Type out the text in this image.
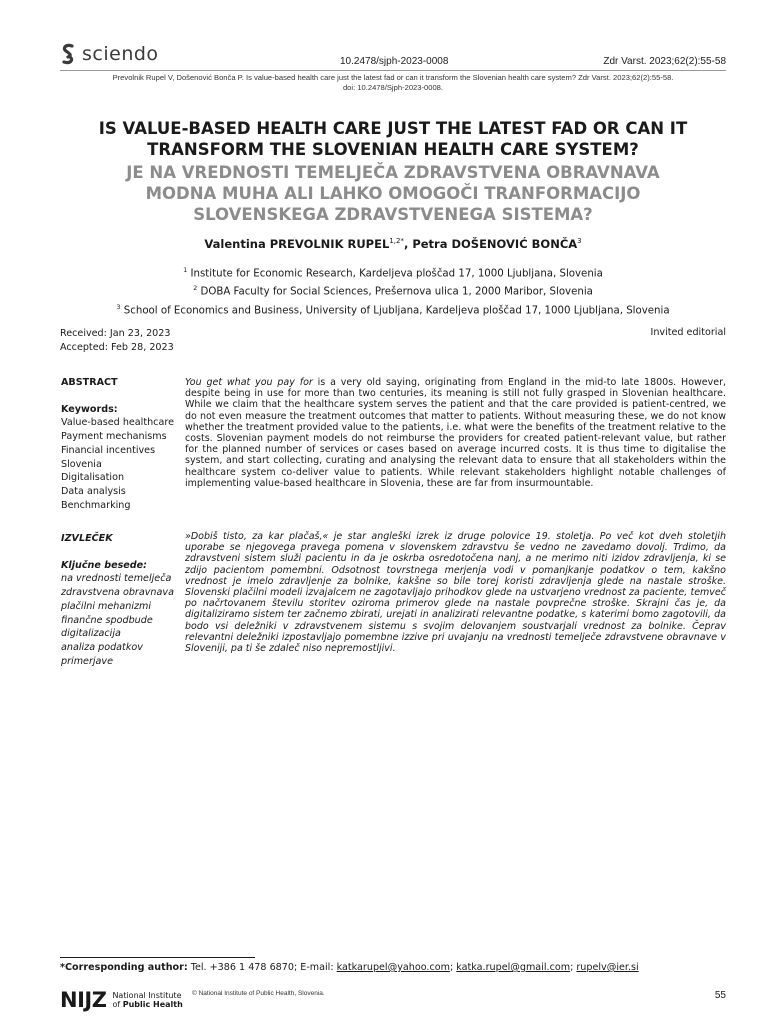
sciendo	10.2478/sjph-2023-0008	Zdr Varst. 2023;62(2):55-58
Prevolnik Rupel V, Došenović Bonča P. Is value-based health care just the latest fad or can it transform the Slovenian health care system? Zdr Varst. 2023;62(2):55-58.
doi: 10.2478/Sjph-2023-0008.
IS VALUE-BASED HEALTH CARE JUST THE LATEST FAD OR CAN IT
TRANSFORM THE SLOVENIAN HEALTH CARE SYSTEM?
JE NA VREDNOSTI TEMELJEČA ZDRAVSTVENA OBRAVNAVA
MODNA MUHA ALI LAHKO OMOGOČI TRANFORMACIJO
SLOVENSKEGA ZDRAVSTVENEGA SISTEMA?
Valentina PREVOLNIK $RUPEL^{1,2*}$, Petra DOŠENOVIĆ BONČA$^3$
$^1$ Institute for Economic Research, Kardeljeva ploščad 17, 1000 Ljubljana, Slovenia
$^2$ DOBA Faculty for Social Sciences, Prešernova ulica 1, 2000 Maribor, Slovenia
$^3$ School of Economics and Business, University of Ljubljana, Kardeljeva ploščad 17, 1000 Ljubljana, Slovenia
Received: Jan 23, 2023
Accepted: Feb 28, 2023
Invited editorial
ABSTRACT
Keywords:
Value-based healthcare
Payment mechanisms
Financial incentives
Slovenia
Digitalisation
Data analysis
Benchmarking
You get what you pay for is a very old saying, originating from England in the mid-to late 1800s. However, despite being in use for more than two centuries, its meaning is still not fully grasped in Slovenian healthcare. While we claim that the healthcare system serves the patient and that the care provided is patient-centred, we do not even measure the treatment outcomes that matter to patients. Without measuring these, we do not know whether the treatment provided value to the patients, i.e. what were the benefits of the treatment relative to the costs. Slovenian payment models do not reimburse the providers for created patient-relevant value, but rather for the planned number of services or cases based on average incurred costs. It is thus time to digitalise the system, and start collecting, curating and analysing the relevant data to ensure that all stakeholders within the healthcare system co-deliver value to patients. While relevant stakeholders highlight notable challenges of implementing value-based healthcare in Slovenia, these are far from insurmountable.
IZVLEČEK
Ključne besede:
na vrednosti temelječa
zdravstvena obravnava
plačilni mehanizmi
finančne spodbude
digitalizacija
analiza podatkov
primerjave
»Dobiš tisto, za kar plačaš,« je star angleški izrek iz druge polovice 19. stoletja. Po več kot dveh stoletjih uporabe se njegovega pravega pomena v slovenskem zdravstvu še vedno ne zavedamo dovolj. Trdimo, da zdravstveni sistem služi pacientu in da je oskrba osredotočena nanj, a ne merimo niti izidov zdravljenja, ki se zdijo pacientom pomembni. Odsotnost tovrstnega merjenja vodi v pomanjkanje podatkov o tem, kakšno vrednost je imelo zdravljenje za bolnike, kakšne so bile torej koristi zdravljenja glede na nastale stroške. Slovenski plačilni modeli izvajalcem ne zagotavljajo prihodkov glede na ustvarjeno vrednost za paciente, temveč po načrtovanem številu storitev oziroma primerov glede na nastale povprečne stroške. Skrajni čas je, da digitaliziramo sistem ter začnemo zbirati, urejati in analizirati relevantne podatke, s katerimi bomo zagotovili, da bodo vsi deležniki v zdravstvenem sistemu s svojim delovanjem soustvarjali vrednost za bolnike. Čeprav relevantni deležniki izpostavljajo pomembne izzive pri uvajanju na vrednosti temelječe zdravstvene obravnave v Sloveniji, pa ti še zdaleč niso nepremostljivi.
*Corresponding author: Tel. +386 1 478 6870; E-mail: katkarupel@yahoo.com; katka.rupel@gmail.com; rupelv@ier.si
NIJZ National Institute
of Public Health
© National Institute of Public Health, Slovenia.	55
